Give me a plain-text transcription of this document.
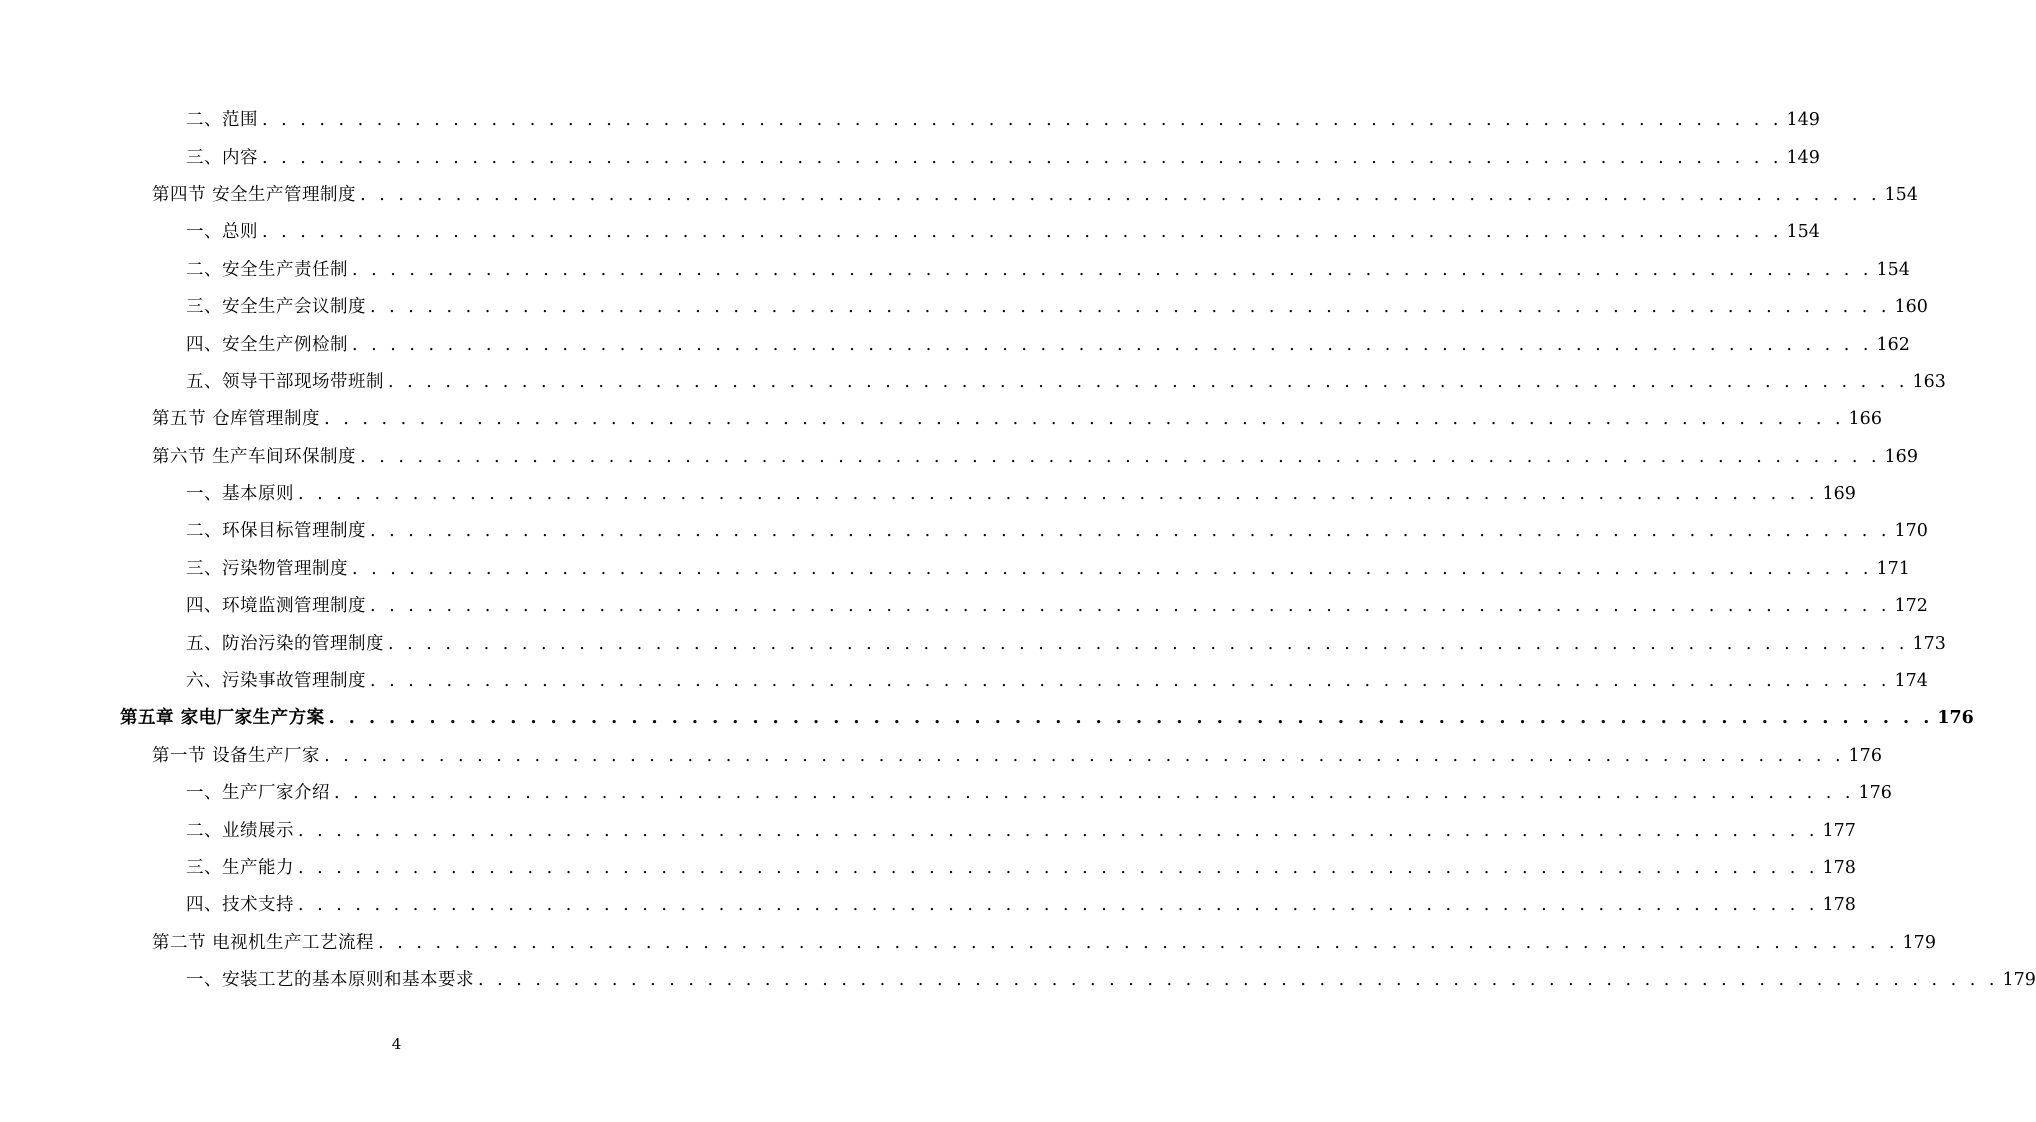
二、范围 . . . . . . . . . . . . . . . . . . . . . . . . . . . . . . . . . . . . . . . . . . . . . . . . . . . . . . . . . . . . . . . . . . . . . . . . . . . . . . . . 149
三、内容 . . . . . . . . . . . . . . . . . . . . . . . . . . . . . . . . . . . . . . . . . . . . . . . . . . . . . . . . . . . . . . . . . . . . . . . . . . . . . . . . 149
第四节 安全生产管理制度 . . . . . . . . . . . . . . . . . . . . . . . . . . . . . . . . . . . . . . . . . . . . . . . . . . . . . . . . . . . . . . . . . . . . . . . . . . . . . . . . 154
一、总则 . . . . . . . . . . . . . . . . . . . . . . . . . . . . . . . . . . . . . . . . . . . . . . . . . . . . . . . . . . . . . . . . . . . . . . . . . . . . . . . . 154
二、安全生产责任制 . . . . . . . . . . . . . . . . . . . . . . . . . . . . . . . . . . . . . . . . . . . . . . . . . . . . . . . . . . . . . . . . . . . . . . . . . . . . . . . . 154
三、安全生产会议制度 . . . . . . . . . . . . . . . . . . . . . . . . . . . . . . . . . . . . . . . . . . . . . . . . . . . . . . . . . . . . . . . . . . . . . . . . . . . . . . . . 160
四、安全生产例检制 . . . . . . . . . . . . . . . . . . . . . . . . . . . . . . . . . . . . . . . . . . . . . . . . . . . . . . . . . . . . . . . . . . . . . . . . . . . . . . . . 162
五、领导干部现场带班制 . . . . . . . . . . . . . . . . . . . . . . . . . . . . . . . . . . . . . . . . . . . . . . . . . . . . . . . . . . . . . . . . . . . . . . . . . . . . . . . . 163
第五节 仓库管理制度 . . . . . . . . . . . . . . . . . . . . . . . . . . . . . . . . . . . . . . . . . . . . . . . . . . . . . . . . . . . . . . . . . . . . . . . . . . . . . . . . 166
第六节 生产车间环保制度 . . . . . . . . . . . . . . . . . . . . . . . . . . . . . . . . . . . . . . . . . . . . . . . . . . . . . . . . . . . . . . . . . . . . . . . . . . . . . . . . 169
一、基本原则 . . . . . . . . . . . . . . . . . . . . . . . . . . . . . . . . . . . . . . . . . . . . . . . . . . . . . . . . . . . . . . . . . . . . . . . . . . . . . . . . 169
二、环保目标管理制度 . . . . . . . . . . . . . . . . . . . . . . . . . . . . . . . . . . . . . . . . . . . . . . . . . . . . . . . . . . . . . . . . . . . . . . . . . . . . . . . . 170
三、污染物管理制度 . . . . . . . . . . . . . . . . . . . . . . . . . . . . . . . . . . . . . . . . . . . . . . . . . . . . . . . . . . . . . . . . . . . . . . . . . . . . . . . . 171
四、环境监测管理制度 . . . . . . . . . . . . . . . . . . . . . . . . . . . . . . . . . . . . . . . . . . . . . . . . . . . . . . . . . . . . . . . . . . . . . . . . . . . . . . . . 172
五、防治污染的管理制度 . . . . . . . . . . . . . . . . . . . . . . . . . . . . . . . . . . . . . . . . . . . . . . . . . . . . . . . . . . . . . . . . . . . . . . . . . . . . . . . . 173
六、污染事故管理制度 . . . . . . . . . . . . . . . . . . . . . . . . . . . . . . . . . . . . . . . . . . . . . . . . . . . . . . . . . . . . . . . . . . . . . . . . . . . . . . . . 174
第五章 家电厂家生产方案 . . . . . . . . . . . . . . . . . . . . . . . . . . . . . . . . . . . . . . . . . . . . . . . . . . . . . . . . . . . . . . . . . . . . . . . . . . . . . . . . 176
第一节 设备生产厂家 . . . . . . . . . . . . . . . . . . . . . . . . . . . . . . . . . . . . . . . . . . . . . . . . . . . . . . . . . . . . . . . . . . . . . . . . . . . . . . . . 176
一、生产厂家介绍 . . . . . . . . . . . . . . . . . . . . . . . . . . . . . . . . . . . . . . . . . . . . . . . . . . . . . . . . . . . . . . . . . . . . . . . . . . . . . . . . 176
二、业绩展示 . . . . . . . . . . . . . . . . . . . . . . . . . . . . . . . . . . . . . . . . . . . . . . . . . . . . . . . . . . . . . . . . . . . . . . . . . . . . . . . . 177
三、生产能力 . . . . . . . . . . . . . . . . . . . . . . . . . . . . . . . . . . . . . . . . . . . . . . . . . . . . . . . . . . . . . . . . . . . . . . . . . . . . . . . . 178
四、技术支持 . . . . . . . . . . . . . . . . . . . . . . . . . . . . . . . . . . . . . . . . . . . . . . . . . . . . . . . . . . . . . . . . . . . . . . . . . . . . . . . . 178
第二节 电视机生产工艺流程 . . . . . . . . . . . . . . . . . . . . . . . . . . . . . . . . . . . . . . . . . . . . . . . . . . . . . . . . . . . . . . . . . . . . . . . . . . . . . . . . 179
一、安装工艺的基本原则和基本要求 . . . . . . . . . . . . . . . . . . . . . . . . . . . . . . . . . . . . . . . . . . . . . . . . . . . . . . . . . . . . . . . . . . . . . . . . . . . . . . . . 179
4
